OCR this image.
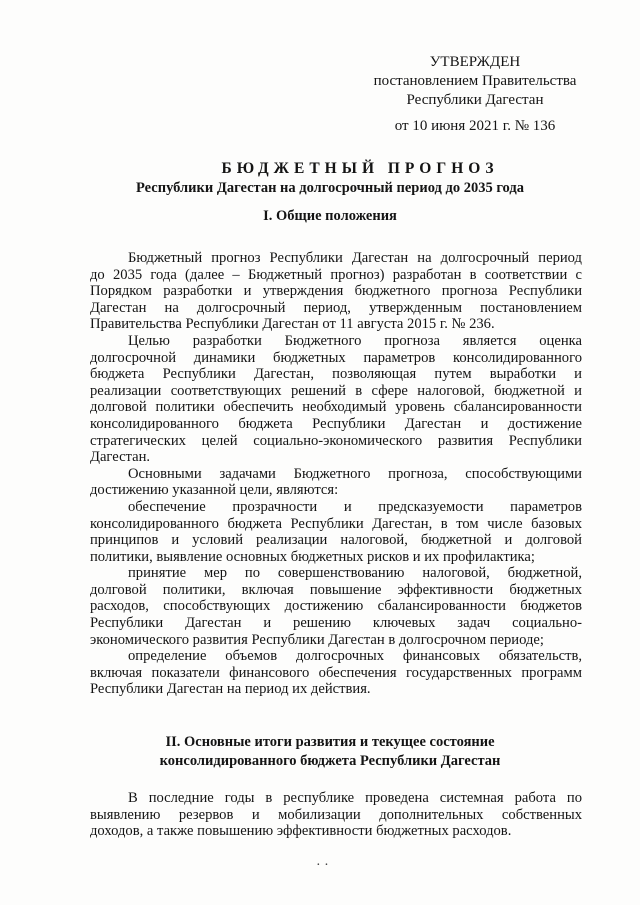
УТВЕРЖДЕН
постановлением Правительства
Республики Дагестан
от 10 июня 2021 г. № 136
БЮДЖЕТНЫЙ ПРОГНОЗ
Республики Дагестан на долгосрочный период до 2035 года
I. Общие положения
Бюджетный прогноз Республики Дагестан на долгосрочный период
до 2035 года (далее – Бюджетный прогноз) разработан в соответствии с
Порядком разработки и утверждения бюджетного прогноза Республики
Дагестан на долгосрочный период, утвержденным постановлением
Правительства Республики Дагестан от 11 августа 2015 г. № 236.
Целью разработки Бюджетного прогноза является оценка
долгосрочной динамики бюджетных параметров консолидированного
бюджета Республики Дагестан, позволяющая путем выработки и
реализации соответствующих решений в сфере налоговой, бюджетной и
долговой политики обеспечить необходимый уровень сбалансированности
консолидированного бюджета Республики Дагестан и достижение
стратегических целей социально-экономического развития Республики
Дагестан.
Основными задачами Бюджетного прогноза, способствующими
достижению указанной цели, являются:
обеспечение прозрачности и предсказуемости параметров
консолидированного бюджета Республики Дагестан, в том числе базовых
принципов и условий реализации налоговой, бюджетной и долговой
политики, выявление основных бюджетных рисков и их профилактика;
принятие мер по совершенствованию налоговой, бюджетной,
долговой политики, включая повышение эффективности бюджетных
расходов, способствующих достижению сбалансированности бюджетов
Республики Дагестан и решению ключевых задач социально-
экономического развития Республики Дагестан в долгосрочном периоде;
определение объемов долгосрочных финансовых обязательств,
включая показатели финансового обеспечения государственных программ
Республики Дагестан на период их действия.
II. Основные итоги развития и текущее состояние
консолидированного бюджета Республики Дагестан
В последние годы в республике проведена системная работа по
выявлению резервов и мобилизации дополнительных собственных
доходов, а также повышению эффективности бюджетных расходов.
· ·
